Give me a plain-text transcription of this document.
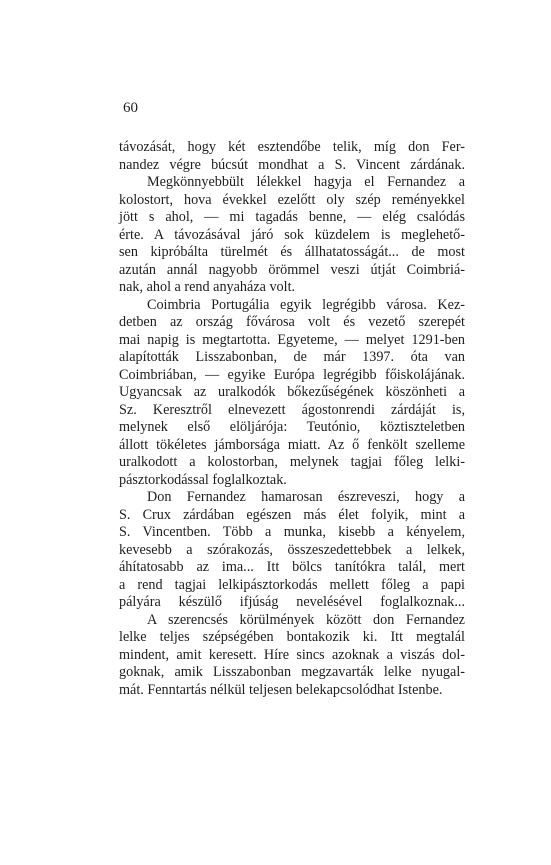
60
távozását, hogy két esztendőbe telik, míg don Fer-
nandez végre búcsút mondhat a S. Vincent zárdának.
Megkönnyebbült lélekkel hagyja el Fernandez a
kolostort, hova évekkel ezelőtt oly szép reményekkel
jött s ahol, — mi tagadás benne, — elég csalódás
érte. A távozásával járó sok küzdelem is meglehető-
sen kipróbálta türelmét és állhatatosságát... de most
azután annál nagyobb örömmel veszi útját Coimbriá-
nak, ahol a rend anyaháza volt.
Coimbria Portugália egyik legrégibb városa. Kez-
detben az ország fővárosa volt és vezető szerepét
mai napig is megtartotta. Egyeteme, — melyet 1291-ben
alapították Lisszabonban, de már 1397. óta van
Coimbriában, — egyike Európa legrégibb főiskolájának.
Ugyancsak az uralkodók bőkezűségének köszönheti a
Sz. Keresztről elnevezett ágostonrendi zárdáját is,
melynek első elöljárója: Teutónio, köztiszteletben
állott tökéletes jámborsága miatt. Az ő fenkölt szelleme
uralkodott a kolostorban, melynek tagjai főleg lelki-
pásztorkodással foglalkoztak.
Don Fernandez hamarosan észreveszi, hogy a
S. Crux zárdában egészen más élet folyik, mint a
S. Vincentben. Több a munka, kisebb a kényelem,
kevesebb a szórakozás, összeszedettebbek a lelkek,
áhítatosabb az ima... Itt bölcs tanítókra talál, mert
a rend tagjai lelkipásztorkodás mellett főleg a papi
pályára készülő ifjúság nevelésével foglalkoznak...
A szerencsés körülmények között don Fernandez
lelke teljes szépségében bontakozik ki. Itt megtalál
mindent, amit keresett. Híre sincs azoknak a viszás dol-
goknak, amik Lisszabonban megzavarták lelke nyugal-
mát. Fenntartás nélkül teljesen belekapcsolódhat Istenbe.
